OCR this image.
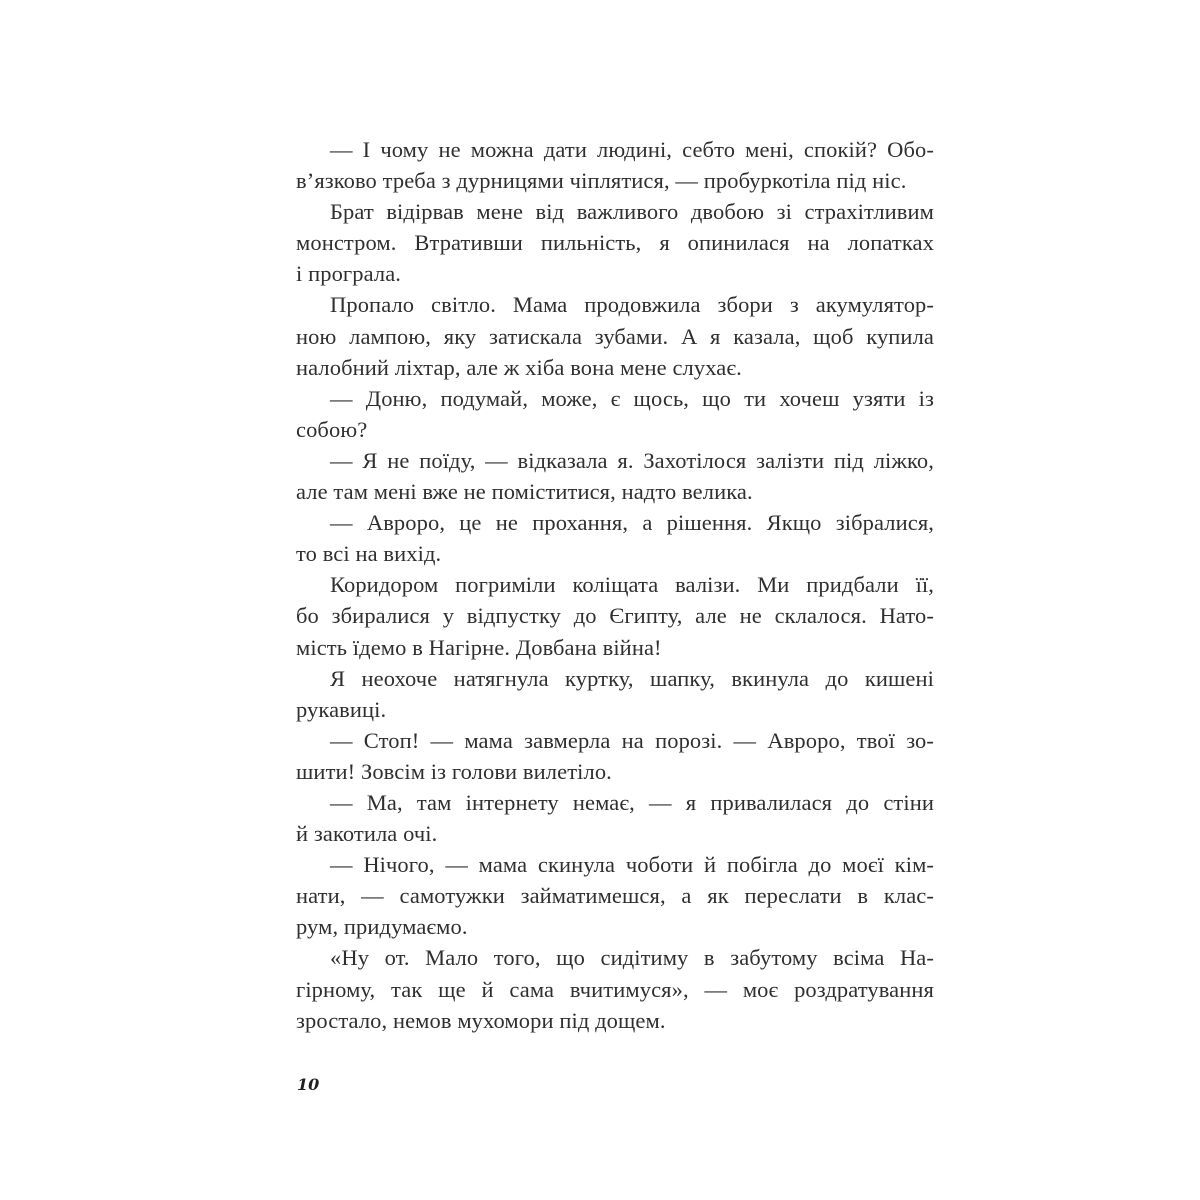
— І чому не можна дати людині, себто мені, спокій? Обо-
в’язково треба з дурницями чіплятися, — пробуркотіла під ніс.
Брат відірвав мене від важливого двобою зі страхітливим
монстром. Втративши пильність, я опинилася на лопатках
і програла.
Пропало світло. Мама продовжила збори з акумулятор-
ною лампою, яку затискала зубами. А я казала, щоб купила
налобний ліхтар, але ж хіба вона мене слухає.
— Доню, подумай, може, є щось, що ти хочеш узяти із
собою?
— Я не поїду, — відказала я. Захотілося залізти під ліжко,
але там мені вже не поміститися, надто велика.
— Авроро, це не прохання, а рішення. Якщо зібралися,
то всі на вихід.
Коридором погриміли коліщата валізи. Ми придбали її,
бо збиралися у відпустку до Єгипту, але не склалося. Нато-
мість їдемо в Нагірне. Довбана війна!
Я неохоче натягнула куртку, шапку, вкинула до кишені
рукавиці.
— Стоп! — мама завмерла на порозі. — Авроро, твої зо-
шити! Зовсім із голови вилетіло.
— Ма, там інтернету немає, — я привалилася до стіни
й закотила очі.
— Нічого, — мама скинула чоботи й побігла до моєї кім-
нати, — самотужки займатимешся, а як переслати в клас-
рум, придумаємо.
«Ну от. Мало того, що сидітиму в забутому всіма На-
гірному, так ще й сама вчитимуся», — моє роздратування
зростало, немов мухомори під дощем.
10
